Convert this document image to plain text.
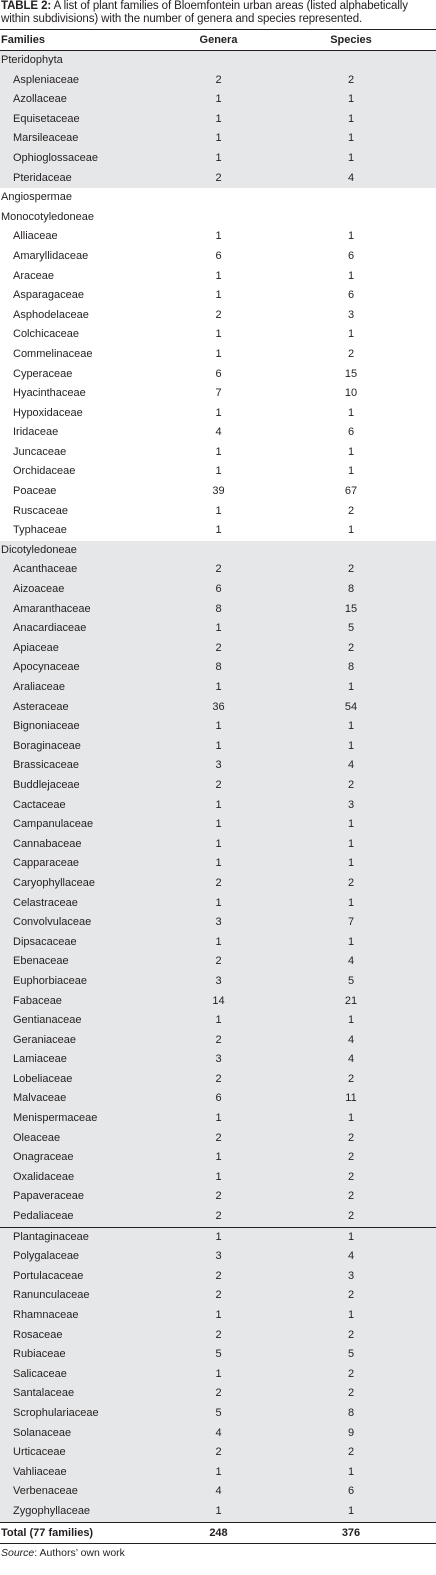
TABLE 2: A list of plant families of Bloemfontein urban areas (listed alphabetically within subdivisions) with the number of genera and species represented.
Families	Genera	Species
Pteridophyta		
Aspleniaceae	2	2
Azollaceae	1	1
Equisetaceae	1	1
Marsileaceae	1	1
Ophioglossaceae	1	1
Pteridaceae	2	4
Angiospermae		
Monocotyledoneae		
Alliaceae	1	1
Amaryllidaceae	6	6
Araceae	1	1
Asparagaceae	1	6
Asphodelaceae	2	3
Colchicaceae	1	1
Commelinaceae	1	2
Cyperaceae	6	15
Hyacinthaceae	7	10
Hypoxidaceae	1	1
Iridaceae	4	6
Juncaceae	1	1
Orchidaceae	1	1
Poaceae	39	67
Ruscaceae	1	2
Typhaceae	1	1
Dicotyledoneae		
Acanthaceae	2	2
Aizoaceae	6	8
Amaranthaceae	8	15
Anacardiaceae	1	5
Apiaceae	2	2
Apocynaceae	8	8
Araliaceae	1	1
Asteraceae	36	54
Bignoniaceae	1	1
Boraginaceae	1	1
Brassicaceae	3	4
Buddlejaceae	2	2
Cactaceae	1	3
Campanulaceae	1	1
Cannabaceae	1	1
Capparaceae	1	1
Caryophyllaceae	2	2
Celastraceae	1	1
Convolvulaceae	3	7
Dipsacaceae	1	1
Ebenaceae	2	4
Euphorbiaceae	3	5
Fabaceae	14	21
Gentianaceae	1	1
Geraniaceae	2	4
Lamiaceae	3	4
Lobeliaceae	2	2
Malvaceae	6	11
Menispermaceae	1	1
Oleaceae	2	2
Onagraceae	1	2
Oxalidaceae	1	2
Papaveraceae	2	2
Pedaliaceae	2	2
Plantaginaceae	1	1
Polygalaceae	3	4
Portulacaceae	2	3
Ranunculaceae	2	2
Rhamnaceae	1	1
Rosaceae	2	2
Rubiaceae	5	5
Salicaceae	1	2
Santalaceae	2	2
Scrophulariaceae	5	8
Solanaceae	4	9
Urticaceae	2	2
Vahliaceae	1	1
Verbenaceae	4	6
Zygophyllaceae	1	1
Total (77 families)	248	376
Source: Authors’ own work
